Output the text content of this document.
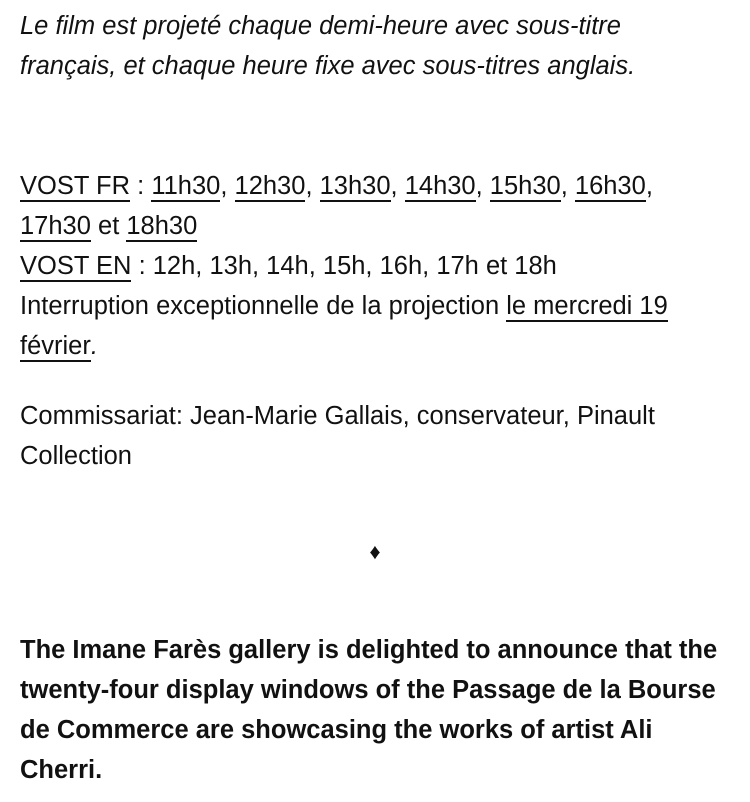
Le film est projeté chaque demi-heure avec sous-titre français, et chaque heure fixe avec sous-titres anglais.

VOST FR : 11h30, 12h30, 13h30, 14h30, 15h30, 16h30, 17h30 et 18h30
VOST EN : 12h, 13h, 14h, 15h, 16h, 17h et 18h
Interruption exceptionnelle de la projection le mercredi 19 février.

Commissariat: Jean-Marie Gallais, conservateur, Pinault Collection

♦

The Imane Farès gallery is delighted to announce that the twenty-four display windows of the Passage de la Bourse de Commerce are showcasing the works of artist Ali Cherri.
